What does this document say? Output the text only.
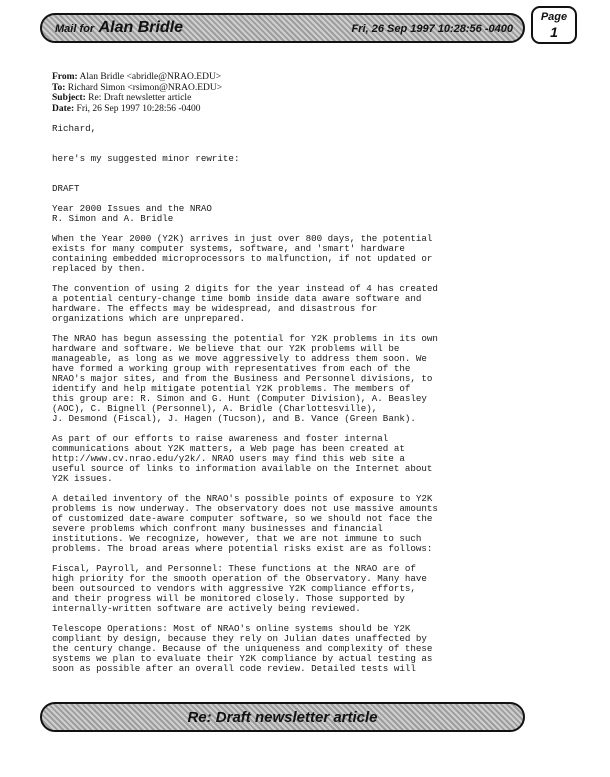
Mail for Alan Bridle	Fri, 26 Sep 1997 10:28:56 -0400
Page
1
From: Alan Bridle <abridle@NRAO.EDU>
To: Richard Simon <rsimon@NRAO.EDU>
Subject: Re: Draft newsletter article
Date: Fri, 26 Sep 1997 10:28:56 -0400

Richard,

here's my suggested minor rewrite:

DRAFT

Year 2000 Issues and the NRAO
R. Simon and A. Bridle

When the Year 2000 (Y2K) arrives in just over 800 days, the potential
exists for many computer systems, software, and 'smart' hardware
containing embedded microprocessors to malfunction, if not updated or
replaced by then.

The convention of using 2 digits for the year instead of 4 has created
a potential century-change time bomb inside data aware software and
hardware. The effects may be widespread, and disastrous for
organizations which are unprepared.

The NRAO has begun assessing the potential for Y2K problems in its own
hardware and software. We believe that our Y2K problems will be
manageable, as long as we move aggressively to address them soon. We
have formed a working group with representatives from each of the
NRAO's major sites, and from the Business and Personnel divisions, to
identify and help mitigate potential Y2K problems. The members of
this group are: R. Simon and G. Hunt (Computer Division), A. Beasley
(AOC), C. Bignell (Personnel), A. Bridle (Charlottesville),
J. Desmond (Fiscal), J. Hagen (Tucson), and B. Vance (Green Bank).

As part of our efforts to raise awareness and foster internal
communications about Y2K matters, a Web page has been created at
http://www.cv.nrao.edu/y2k/. NRAO users may find this web site a
useful source of links to information available on the Internet about
Y2K issues.

A detailed inventory of the NRAO's possible points of exposure to Y2K
problems is now underway. The observatory does not use massive amounts
of customized date-aware computer software, so we should not face the
severe problems which confront many businesses and financial
institutions. We recognize, however, that we are not immune to such
problems. The broad areas where potential risks exist are as follows:

Fiscal, Payroll, and Personnel: These functions at the NRAO are of
high priority for the smooth operation of the Observatory. Many have
been outsourced to vendors with aggressive Y2K compliance efforts,
and their progress will be monitored closely. Those supported by
internally-written software are actively being reviewed.

Telescope Operations: Most of NRAO's online systems should be Y2K
compliant by design, because they rely on Julian dates unaffected by
the century change. Because of the uniqueness and complexity of these
systems we plan to evaluate their Y2K compliance by actual testing as
soon as possible after an overall code review. Detailed tests will

Re: Draft newsletter article
